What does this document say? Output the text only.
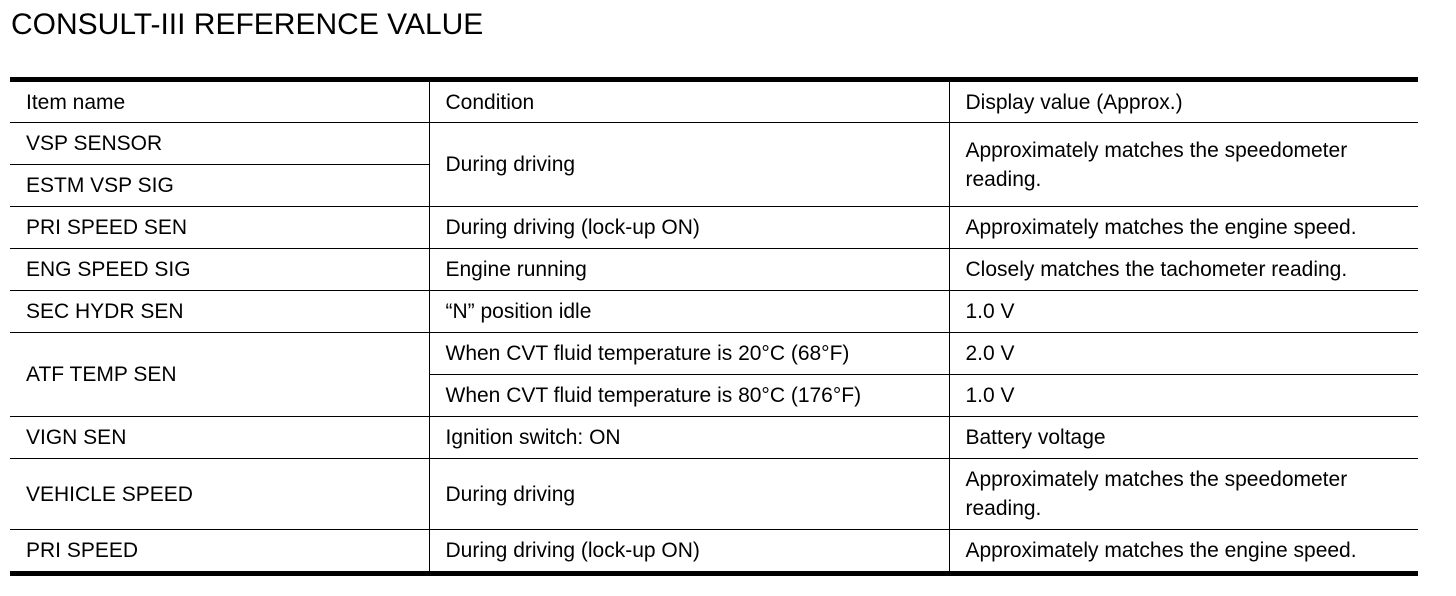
CONSULT-III REFERENCE VALUE
Item name	Condition	Display value (Approx.)
VSP SENSOR	During driving	Approximately matches the speedometer reading.
ESTM VSP SIG		
PRI SPEED SEN	During driving (lock-up ON)	Approximately matches the engine speed.
ENG SPEED SIG	Engine running	Closely matches the tachometer reading.
SEC HYDR SEN	“N” position idle	1.0 V
ATF TEMP SEN	When CVT fluid temperature is 20°C (68°F)	2.0 V
	When CVT fluid temperature is 80°C (176°F)	1.0 V
VIGN SEN	Ignition switch: ON	Battery voltage
VEHICLE SPEED	During driving	Approximately matches the speedometer reading.
PRI SPEED	During driving (lock-up ON)	Approximately matches the engine speed.
